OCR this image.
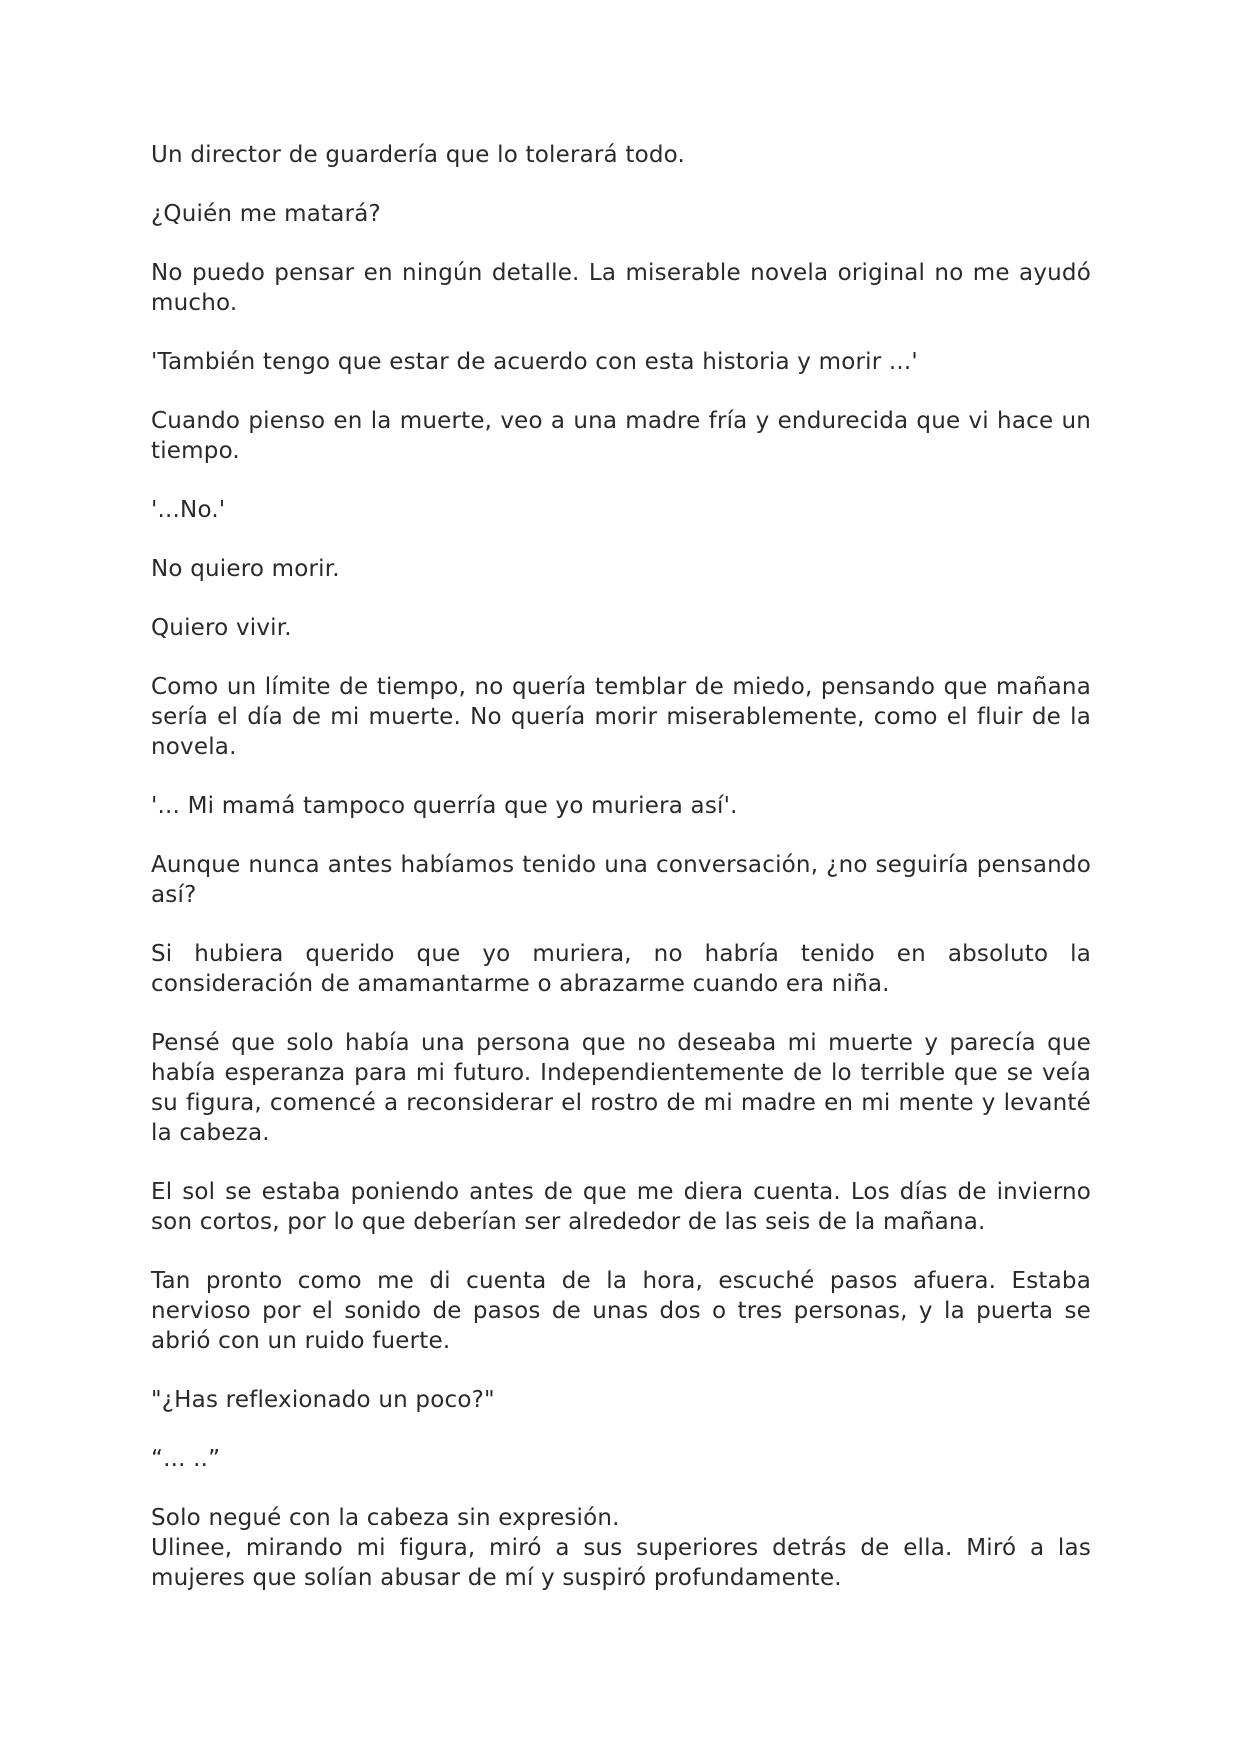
Un director de guardería que lo tolerará todo.

¿Quién me matará?

No puedo pensar en ningún detalle. La miserable novela original no me ayudó mucho.

'También tengo que estar de acuerdo con esta historia y morir ...'

Cuando pienso en la muerte, veo a una madre fría y endurecida que vi hace un tiempo.

'...No.'

No quiero morir.

Quiero vivir.

Como un límite de tiempo, no quería temblar de miedo, pensando que mañana sería el día de mi muerte. No quería morir miserablemente, como el fluir de la novela.

'... Mi mamá tampoco querría que yo muriera así'.

Aunque nunca antes habíamos tenido una conversación, ¿no seguiría pensando así?

Si hubiera querido que yo muriera, no habría tenido en absoluto la consideración de amamantarme o abrazarme cuando era niña.

Pensé que solo había una persona que no deseaba mi muerte y parecía que había esperanza para mi futuro. Independientemente de lo terrible que se veía su figura, comencé a reconsiderar el rostro de mi madre en mi mente y levanté la cabeza.

El sol se estaba poniendo antes de que me diera cuenta. Los días de invierno son cortos, por lo que deberían ser alrededor de las seis de la mañana.

Tan pronto como me di cuenta de la hora, escuché pasos afuera. Estaba nervioso por el sonido de pasos de unas dos o tres personas, y la puerta se abrió con un ruido fuerte.

"¿Has reflexionado un poco?"

“... ..”

Solo negué con la cabeza sin expresión.

Ulinee, mirando mi figura, miró a sus superiores detrás de ella. Miró a las mujeres que solían abusar de mí y suspiró profundamente.
